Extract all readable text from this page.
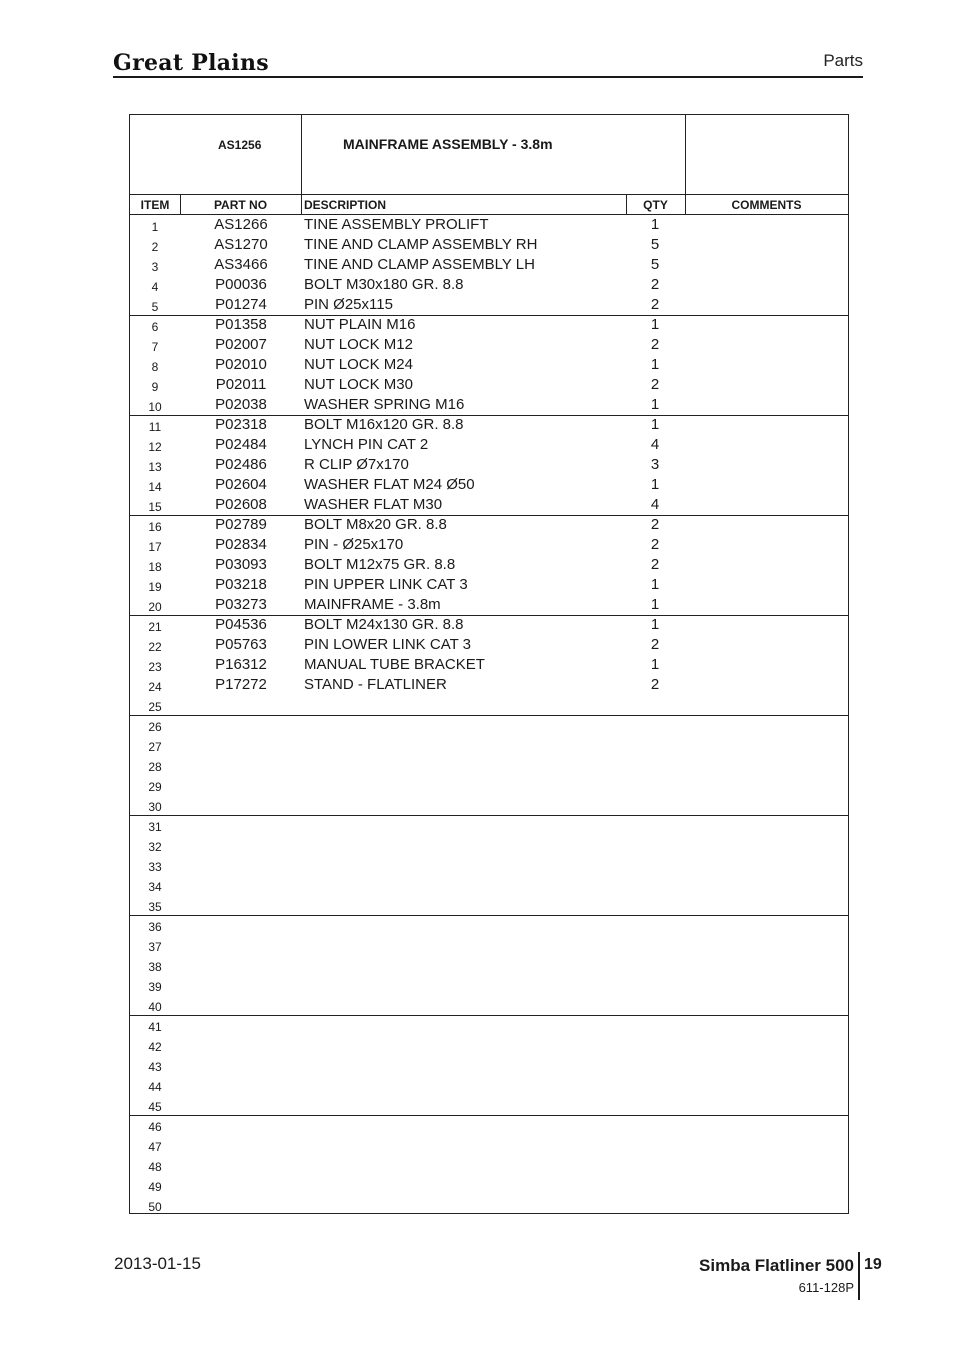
Great Plains	Parts
AS1256	MAINFRAME ASSEMBLY - 3.8m
ITEM	PART NO	DESCRIPTION	QTY	COMMENTS
1	AS1266	TINE ASSEMBLY PROLIFT	1
2	AS1270	TINE AND CLAMP ASSEMBLY RH	5
3	AS3466	TINE AND CLAMP ASSEMBLY LH	5
4	P00036	BOLT M30x180 GR. 8.8	2
5	P01274	PIN Ø25x115	2
6	P01358	NUT PLAIN M16	1
7	P02007	NUT LOCK M12	2
8	P02010	NUT LOCK M24	1
9	P02011	NUT LOCK M30	2
10	P02038	WASHER SPRING M16	1
11	P02318	BOLT M16x120 GR. 8.8	1
12	P02484	LYNCH PIN CAT 2	4
13	P02486	R CLIP Ø7x170	3
14	P02604	WASHER FLAT M24 Ø50	1
15	P02608	WASHER FLAT M30	4
16	P02789	BOLT M8x20 GR. 8.8	2
17	P02834	PIN - Ø25x170	2
18	P03093	BOLT M12x75 GR. 8.8	2
19	P03218	PIN UPPER LINK CAT 3	1
20	P03273	MAINFRAME - 3.8m	1
21	P04536	BOLT M24x130 GR. 8.8	1
22	P05763	PIN LOWER LINK CAT 3	2
23	P16312	MANUAL TUBE BRACKET	1
24	P17272	STAND - FLATLINER	2
25
26
27
28
29
30
31
32
33
34
35
36
37
38
39
40
41
42
43
44
45
46
47
48
49
50
2013-01-15	Simba Flatliner 500 19
611-128P
